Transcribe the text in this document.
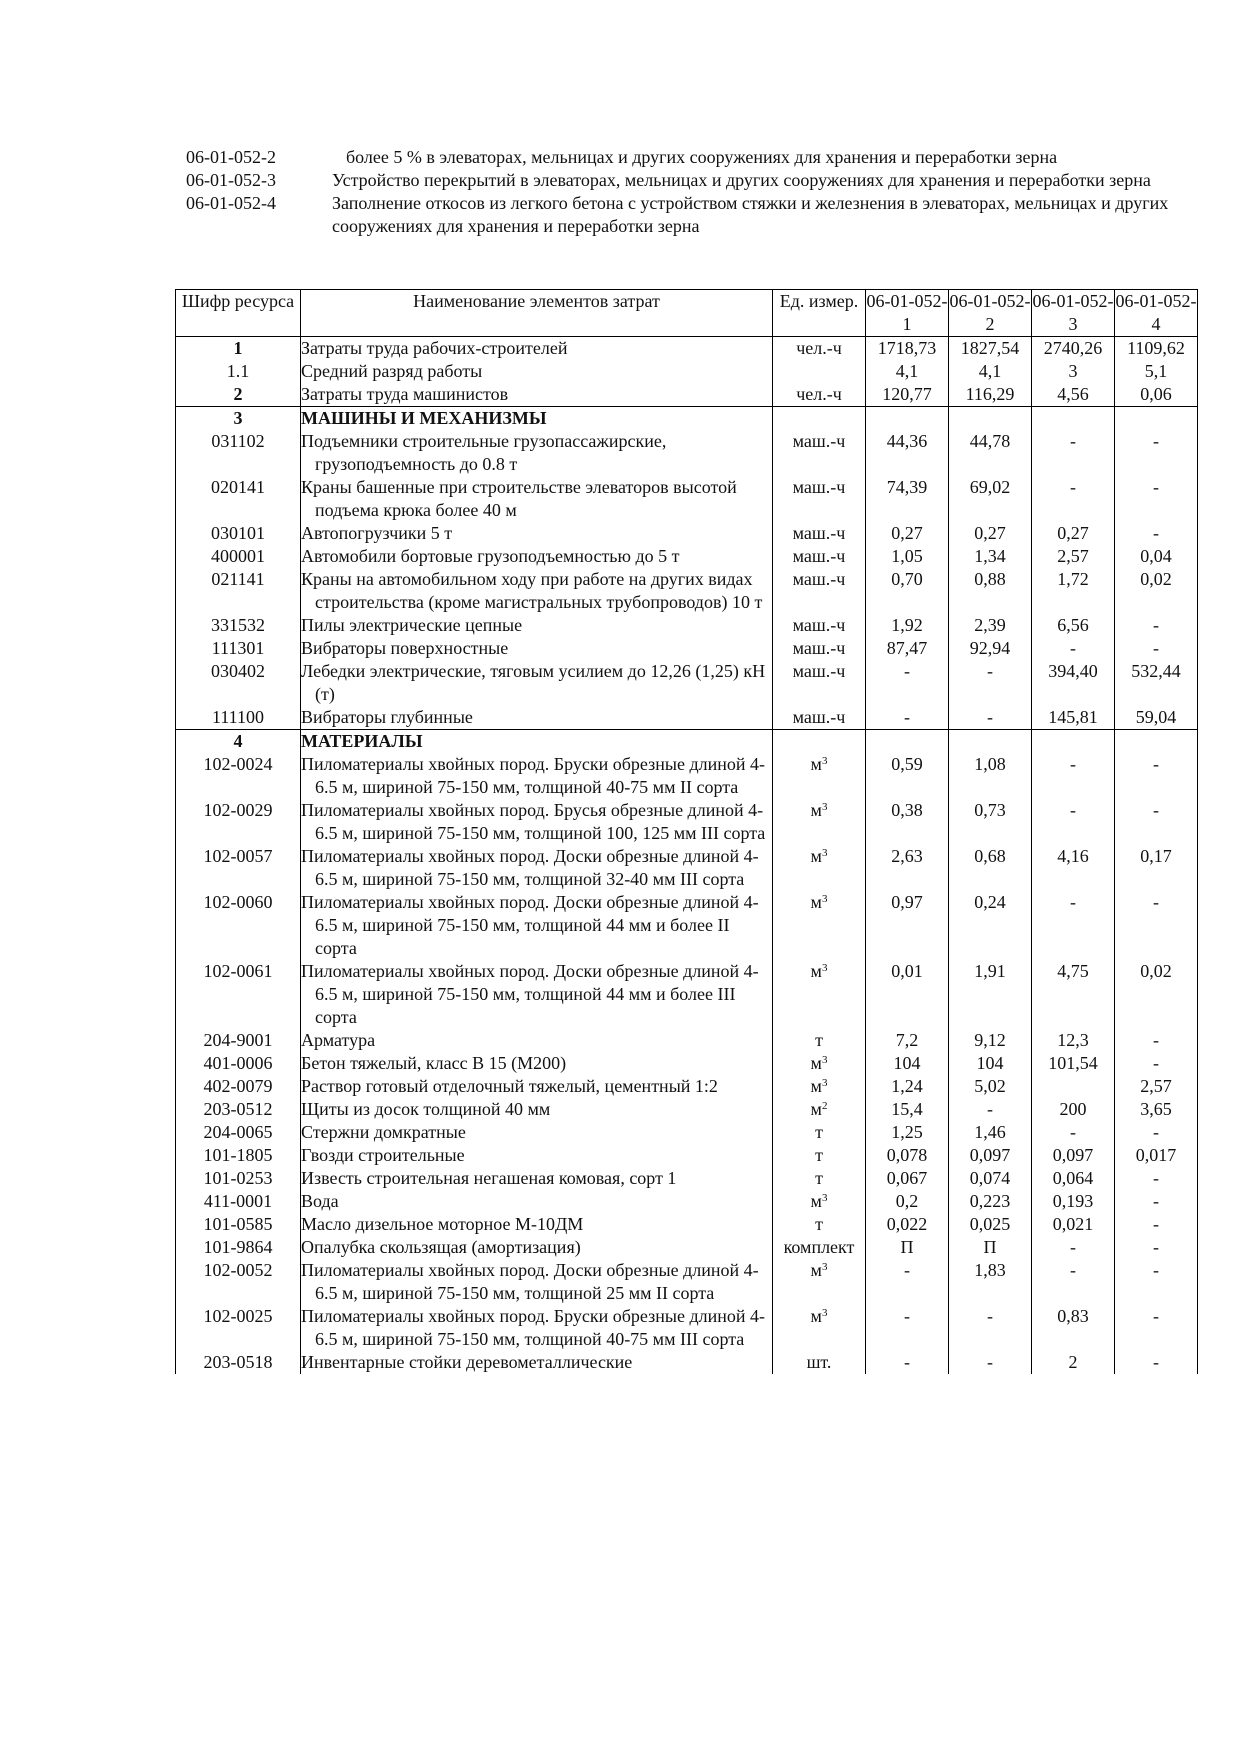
06-01-052-2	более 5 % в элеваторах, мельницах и других сооружениях для хранения и переработки зерна
06-01-052-3	Устройство перекрытий в элеваторах, мельницах и других сооружениях для хранения и переработки зерна
06-01-052-4	Заполнение откосов из легкого бетона с устройством стяжки и железнения в элеваторах, мельницах и других сооружениях для хранения и переработки зерна
Шифр ресурса	Наименование элементов затрат	Ед. измер.	06-01-052-1	06-01-052-2	06-01-052-3	06-01-052-4
1	Затраты труда рабочих-строителей	чел.-ч	1718,73	1827,54	2740,26	1109,62
1.1	Средний разряд работы		4,1	4,1	3	5,1
2	Затраты труда машинистов	чел.-ч	120,77	116,29	4,56	0,06
3	МАШИНЫ И МЕХАНИЗМЫ					

031102	Подъемники строительные грузопассажирские, грузоподъемность до 0.8 т	маш.-ч	44,36	44,78	-	-
020141	Краны башенные при строительстве элеваторов высотой подъема крюка более 40 м	маш.-ч	74,39	69,02	-	-
030101	Автопогрузчики 5 т	маш.-ч	0,27	0,27	0,27	-
400001	Автомобили бортовые грузоподъемностью до 5 т	маш.-ч	1,05	1,34	2,57	0,04
021141	Краны на автомобильном ходу при работе на других видах строительства (кроме магистральных трубопроводов) 10 т	маш.-ч	0,70	0,88	1,72	0,02
331532	Пилы электрические цепные	маш.-ч	1,92	2,39	6,56	-
111301	Вибраторы поверхностные	маш.-ч	87,47	92,94	-	-
030402	Лебедки электрические, тяговым усилием до 12,26 (1,25) кН (т)	маш.-ч	-	-	394,40	532,44
111100	Вибраторы глубинные	маш.-ч	-	-	145,81	59,04
4	МАТЕРИАЛЫ					

102-0024	Пиломатериалы хвойных пород. Бруски обрезные длиной 4-6.5 м, шириной 75-150 мм, толщиной 40-75 мм II сорта	$м^3$	0,59	1,08	-	-
102-0029	Пиломатериалы хвойных пород. Брусья обрезные длиной 4-6.5 м, шириной 75-150 мм, толщиной 100, 125 мм III сорта	$м^3$	0,38	0,73	-	-
102-0057	Пиломатериалы хвойных пород. Доски обрезные длиной 4-6.5 м, шириной 75-150 мм, толщиной 32-40 мм III сорта	$м^3$	2,63	0,68	4,16	0,17
102-0060	Пиломатериалы хвойных пород. Доски обрезные длиной 4-6.5 м, шириной 75-150 мм, толщиной 44 мм и более II сорта	$м^3$	0,97	0,24	-	-
102-0061	Пиломатериалы хвойных пород. Доски обрезные длиной 4-6.5 м, шириной 75-150 мм, толщиной 44 мм и более III сорта	$м^3$	0,01	1,91	4,75	0,02
204-9001	Арматура	т	7,2	9,12	12,3	-
401-0006	Бетон тяжелый, класс В 15 (М200)	$м^3$	104	104	101,54	-
402-0079	Раствор готовый отделочный тяжелый, цементный 1:2	$м^3$	1,24	5,02		2,57
203-0512	Щиты из досок толщиной 40 мм	$м^2$	15,4	-	200	3,65
204-0065	Стержни домкратные	т	1,25	1,46	-	-
101-1805	Гвозди строительные	т	0,078	0,097	0,097	0,017
101-0253	Известь строительная негашеная комовая, сорт 1	т	0,067	0,074	0,064	-
411-0001	Вода	$м^3$	0,2	0,223	0,193	-
101-0585	Масло дизельное моторное М-10ДМ	т	0,022	0,025	0,021	-
101-9864	Опалубка скользящая (амортизация)	комплект	П	П	-	-
102-0052	Пиломатериалы хвойных пород. Доски обрезные длиной 4-6.5 м, шириной 75-150 мм, толщиной 25 мм II сорта	$м^3$	-	1,83	-	-
102-0025	Пиломатериалы хвойных пород. Бруски обрезные длиной 4-6.5 м, шириной 75-150 мм, толщиной 40-75 мм III сорта	$м^3$	-	-	0,83	-
203-0518	Инвентарные стойки деревометаллические	шт.	-	-	2	-
